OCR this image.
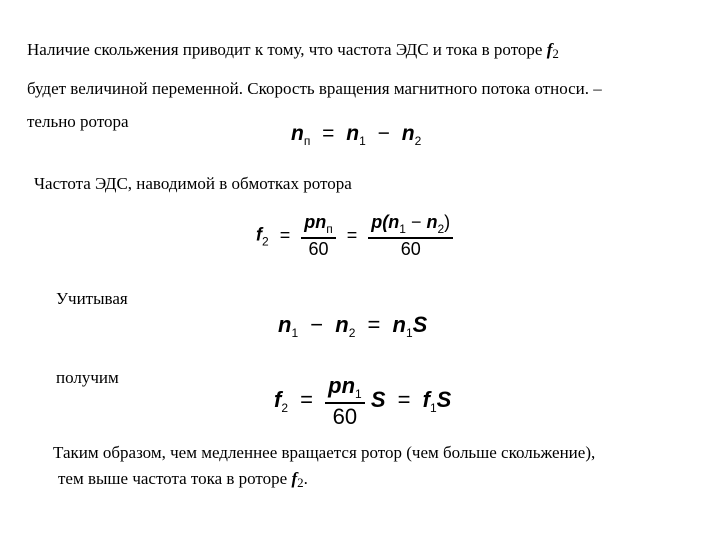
Наличие скольжения приводит к тому, что частота ЭДС и тока в роторе $f_2$
будет величиной переменной. Скорость вращения магнитного потока относи. –
тельно ротора
$n_п = n_1 - n_2$
Частота ЭДС, наводимой в обмотках ротора
$f_2 = \frac{pn_п}{60} = \frac{p(n_1 - n_2)}{60}$
Учитывая
$n_1 - n_2 = n_1S$
получим
$f_2 = \frac{pn_1}{60}$ $S = f_1S$
Таким образом, чем медленнее вращается ротор (чем больше скольжение),
тем выше частота тока в роторе $f_2$.
